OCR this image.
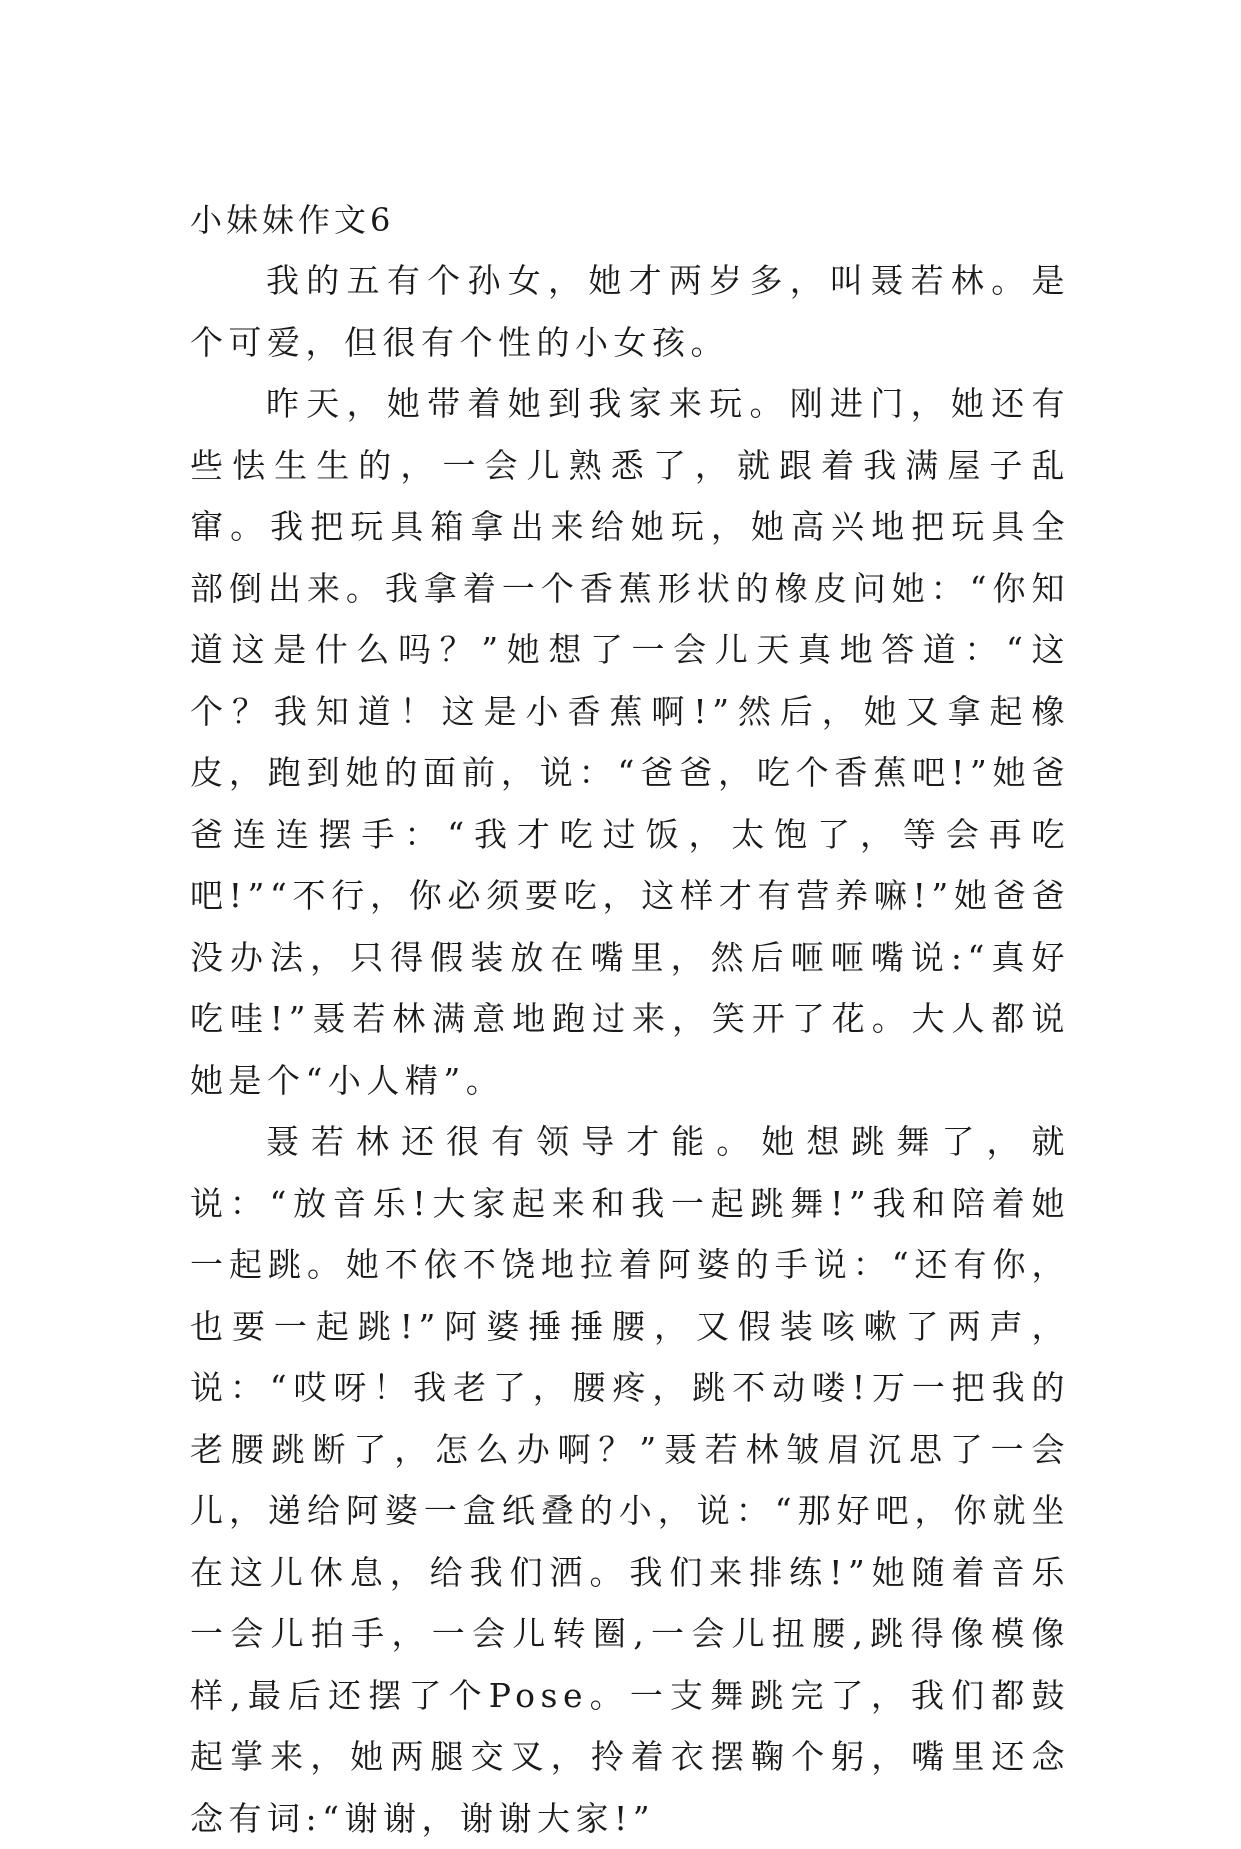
小妹妹作文6

我的五有个孙女，她才两岁多，叫聂若林。是个可爱，但很有个性的小女孩。

昨天，她带着她到我家来玩。刚进门，她还有些怯生生的，一会儿熟悉了，就跟着我满屋子乱窜。我把玩具箱拿出来给她玩，她高兴地把玩具全部倒出来。我拿着一个香蕉形状的橡皮问她：“你知道这是什么吗？”她想了一会儿天真地答道：“这个？我知道！这是小香蕉啊!”然后，她又拿起橡皮，跑到她的面前，说：“爸爸，吃个香蕉吧!”她爸爸连连摆手：“我才吃过饭，太饱了，等会再吃吧!”“不行，你必须要吃，这样才有营养嘛!”她爸爸没办法，只得假装放在嘴里，然后咂咂嘴说:“真好吃哇!”聂若林满意地跑过来，笑开了花。大人都说她是个“小人精”。

聂若林还很有领导才能。她想跳舞了，就说：“放音乐!大家起来和我一起跳舞!”我和陪着她一起跳。她不依不饶地拉着阿婆的手说：“还有你，也要一起跳!”阿婆捶捶腰，又假装咳嗽了两声，说：“哎呀！我老了，腰疼，跳不动喽!万一把我的老腰跳断了，怎么办啊？”聂若林皱眉沉思了一会儿，递给阿婆一盒纸叠的小，说：“那好吧，你就坐在这儿休息，给我们洒。我们来排练!”她随着音乐一会儿拍手，一会儿转圈,一会儿扭腰,跳得像模像样,最后还摆了个Pose。一支舞跳完了，我们都鼓起掌来，她两腿交叉，拎着衣摆鞠个躬，嘴里还念念有词:“谢谢，谢谢大家!”
